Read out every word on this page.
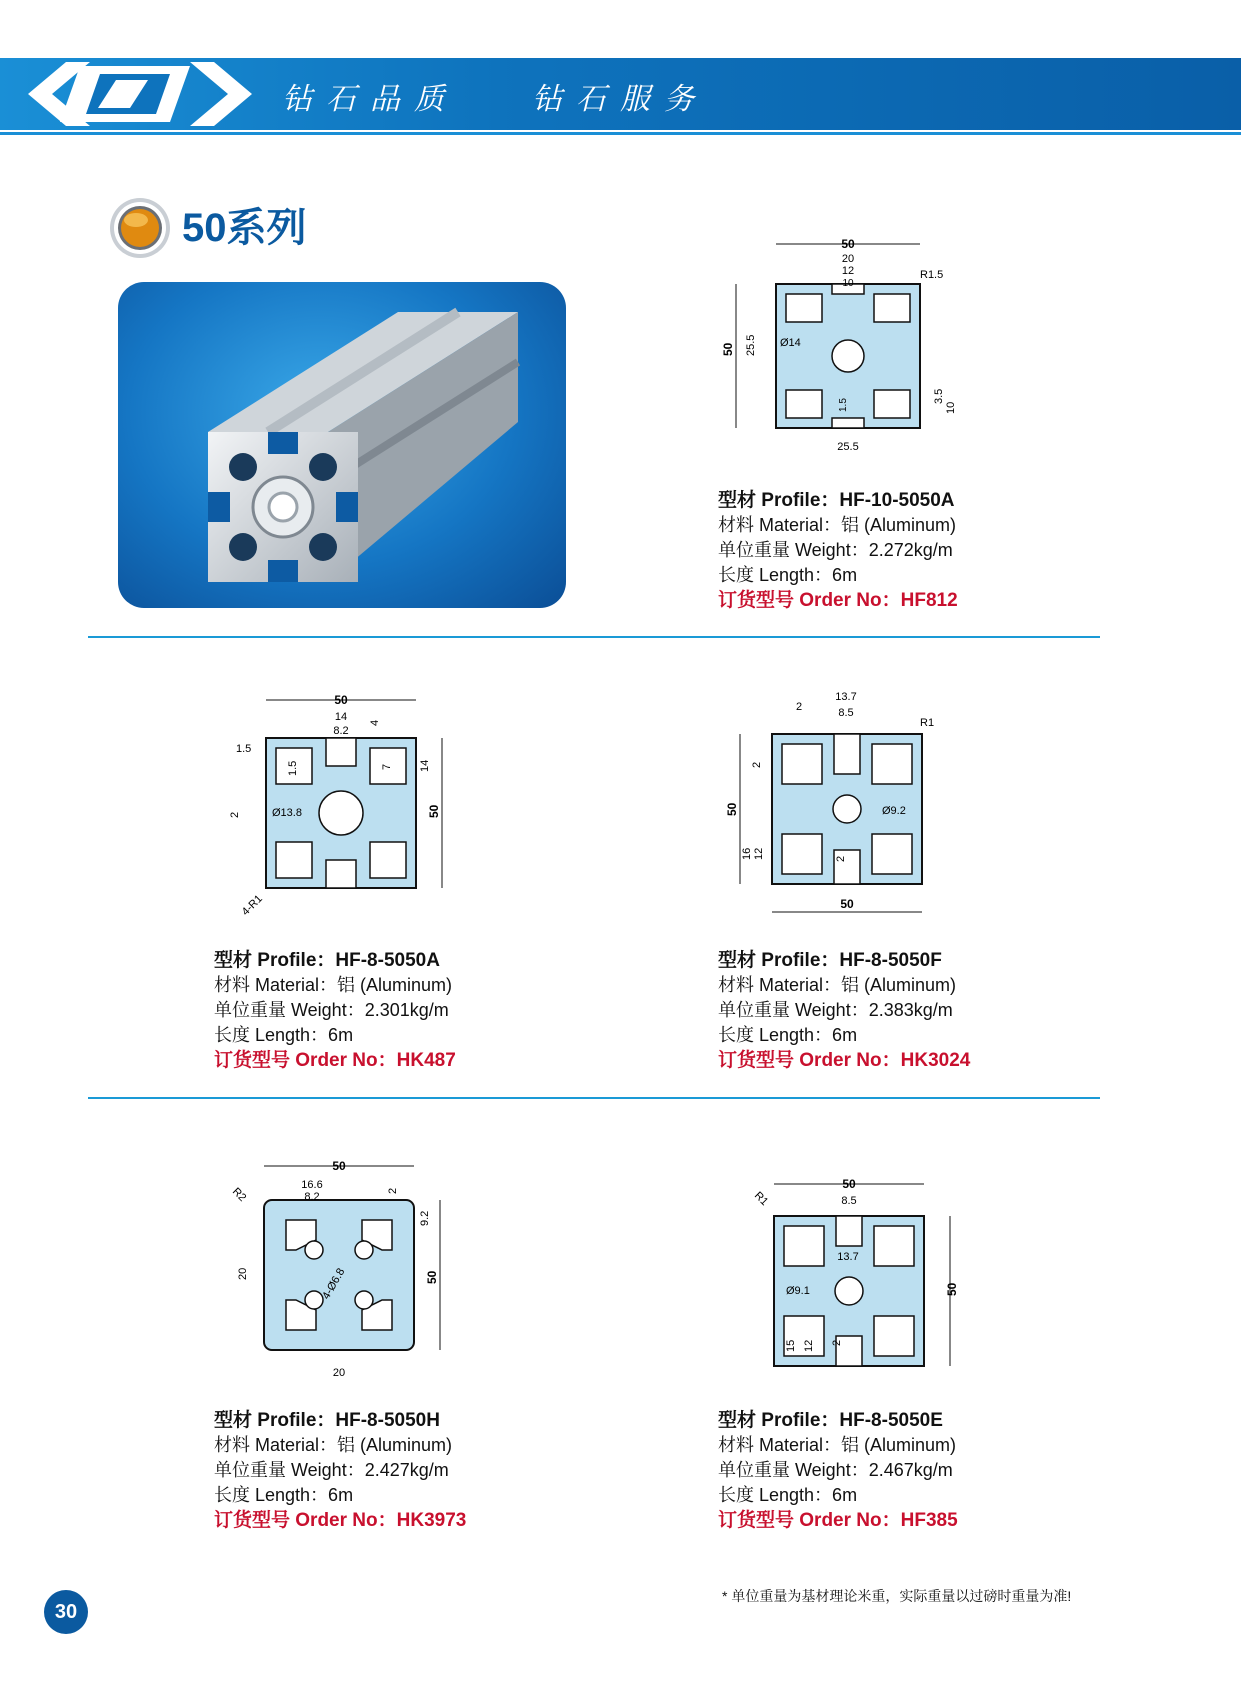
钻石品质 钻石服务
50系列	50
20
12
10
R1.5
Ø14
25.5
50
3.5
10
1.5
25.5
型材 Profile：HF-10-5050A
材料 Material：铝 (Aluminum)
单位重量 Weight：2.272kg/m
长度 Length：6m
订货型号 Order No：HF812
50
14
8.2
4
1.5
1.5	7 14
2	Ø13.8	50
4-R1
型材 Profile：HF-8-5050A
材料 Material：铝 (Aluminum)
单位重量 Weight：2.301kg/m
长度 Length：6m
订货型号 Order No：HK487
2
13.7
8.5
R1
2
50	Ø9.2
16 12	2
50
型材 Profile：HF-8-5050F
材料 Material：铝 (Aluminum)
单位重量 Weight：2.383kg/m
长度 Length：6m
订货型号 Order No：HK3024
50
16.6
8.2
R2	2
9.2
20	4-Ø6.8	50
20
型材 Profile：HF-8-5050H
材料 Material：铝 (Aluminum)
单位重量 Weight：2.427kg/m
长度 Length：6m
订货型号 Order No：HK3973
50
8.5
R1
13.7
Ø9.1	50
15 12 2
型材 Profile：HF-8-5050E
材料 Material：铝 (Aluminum)
单位重量 Weight：2.467kg/m
长度 Length：6m
订货型号 Order No：HF385
30
* 单位重量为基材理论米重，实际重量以过磅时重量为准!
